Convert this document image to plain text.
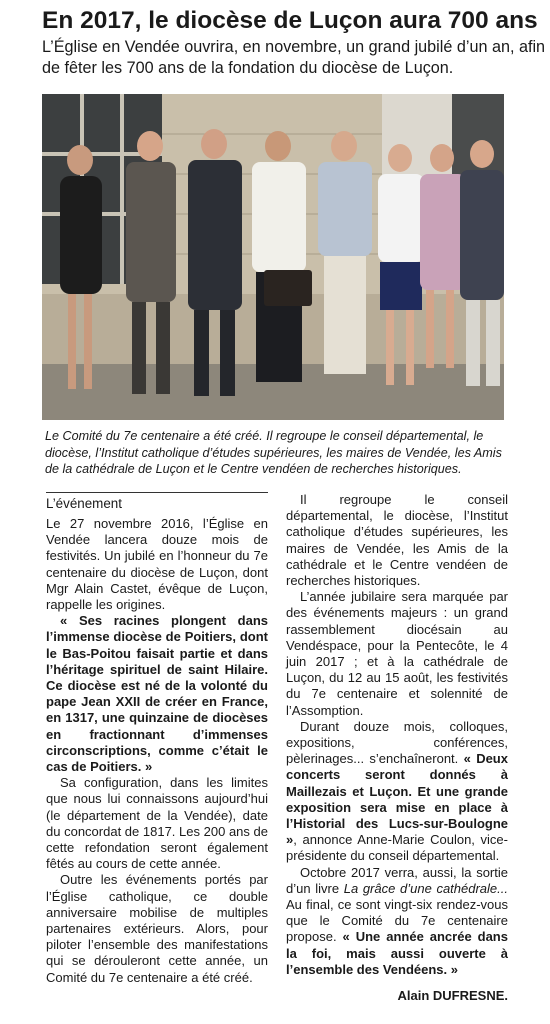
En 2017, le diocèse de Luçon aura 700 ans
L’Église en Vendée ouvrira, en novembre, un grand jubilé d’un an, afin de fêter les 700 ans de la fondation du diocèse de Luçon.
Le Comité du 7e centenaire a été créé. Il regroupe le conseil départemental, le diocèse, l’Institut catholique d’études supérieures, les maires de Vendée, les Amis de la cathédrale de Luçon et le Centre vendéen de recherches historiques.
L’événement

Le 27 novembre 2016, l’Église en Vendée lancera douze mois de festivités. Un jubilé en l’honneur du 7e centenaire du diocèse de Luçon, dont Mgr Alain Castet, évêque de Luçon, rappelle les origines.

« Ses racines plongent dans l’immense diocèse de Poitiers, dont le Bas-Poitou faisait partie et dans l’héritage spirituel de saint Hilaire. Ce diocèse est né de la volonté du pape Jean XXII de créer en France, en 1317, une quinzaine de diocèses en fractionnant d’immenses circonscriptions, comme c’était le cas de Poitiers. »

Sa configuration, dans les limites que nous lui connaissons aujourd’hui (le département de la Vendée), date du concordat de 1817. Les 200 ans de cette refondation seront également fêtés au cours de cette année.

Outre les événements portés par l’Église catholique, ce double anniversaire mobilise de multiples partenaires extérieurs. Alors, pour piloter l’ensemble des manifestations qui se dérouleront cette année, un Comité du 7e centenaire a été créé.

Il regroupe le conseil départemental, le diocèse, l’Institut catholique d’études supérieures, les maires de Vendée, les Amis de la cathédrale et le Centre vendéen de recherches historiques.

L’année jubilaire sera marquée par des événements majeurs : un grand rassemblement diocésain au Vendéspace, pour la Pentecôte, le 4 juin 2017 ; et à la cathédrale de Luçon, du 12 au 15 août, les festivités du 7e centenaire et solennité de l’Assomption.

Durant douze mois, colloques, expositions, conférences, pèlerinages... s’enchaîneront. « Deux concerts seront donnés à Maillezais et Luçon. Et une grande exposition sera mise en place à l’Historial des Lucs-sur-Boulogne », annonce Anne-Marie Coulon, vice-présidente du conseil départemental.

Octobre 2017 verra, aussi, la sortie d’un livre La grâce d’une cathédrale... Au final, ce sont vingt-six rendez-vous que le Comité du 7e centenaire propose. « Une année ancrée dans la foi, mais aussi ouverte à l’ensemble des Vendéens. »

Alain DUFRESNE.
